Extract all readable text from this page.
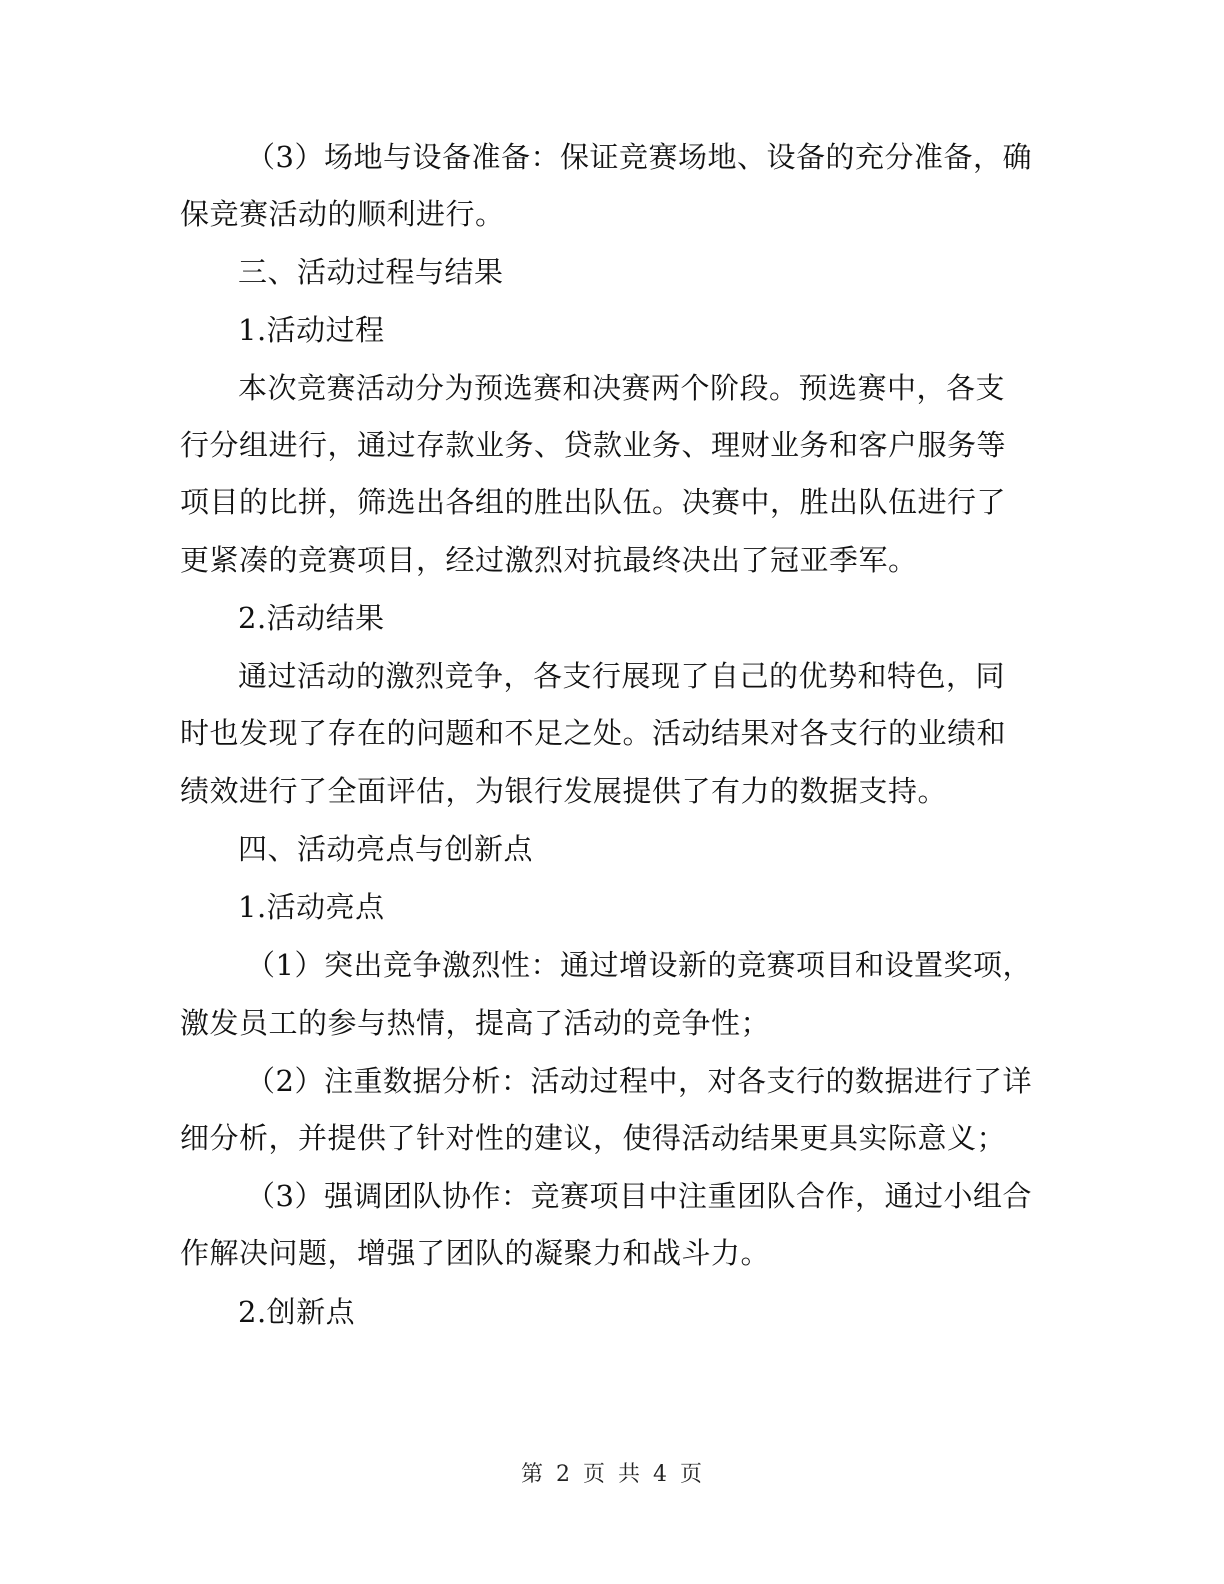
（3）场地与设备准备：保证竞赛场地、设备的充分准备，确
保竞赛活动的顺利进行。
三、活动过程与结果
1.活动过程
本次竞赛活动分为预选赛和决赛两个阶段。预选赛中，各支
行分组进行，通过存款业务、贷款业务、理财业务和客户服务等
项目的比拼，筛选出各组的胜出队伍。决赛中，胜出队伍进行了
更紧凑的竞赛项目，经过激烈对抗最终决出了冠亚季军。
2.活动结果
通过活动的激烈竞争，各支行展现了自己的优势和特色，同
时也发现了存在的问题和不足之处。活动结果对各支行的业绩和
绩效进行了全面评估，为银行发展提供了有力的数据支持。
四、活动亮点与创新点
1.活动亮点
（1）突出竞争激烈性：通过增设新的竞赛项目和设置奖项，
激发员工的参与热情，提高了活动的竞争性；
（2）注重数据分析：活动过程中，对各支行的数据进行了详
细分析，并提供了针对性的建议，使得活动结果更具实际意义；
（3）强调团队协作：竞赛项目中注重团队合作，通过小组合
作解决问题，增强了团队的凝聚力和战斗力。
2.创新点
第 2 页 共 4 页
